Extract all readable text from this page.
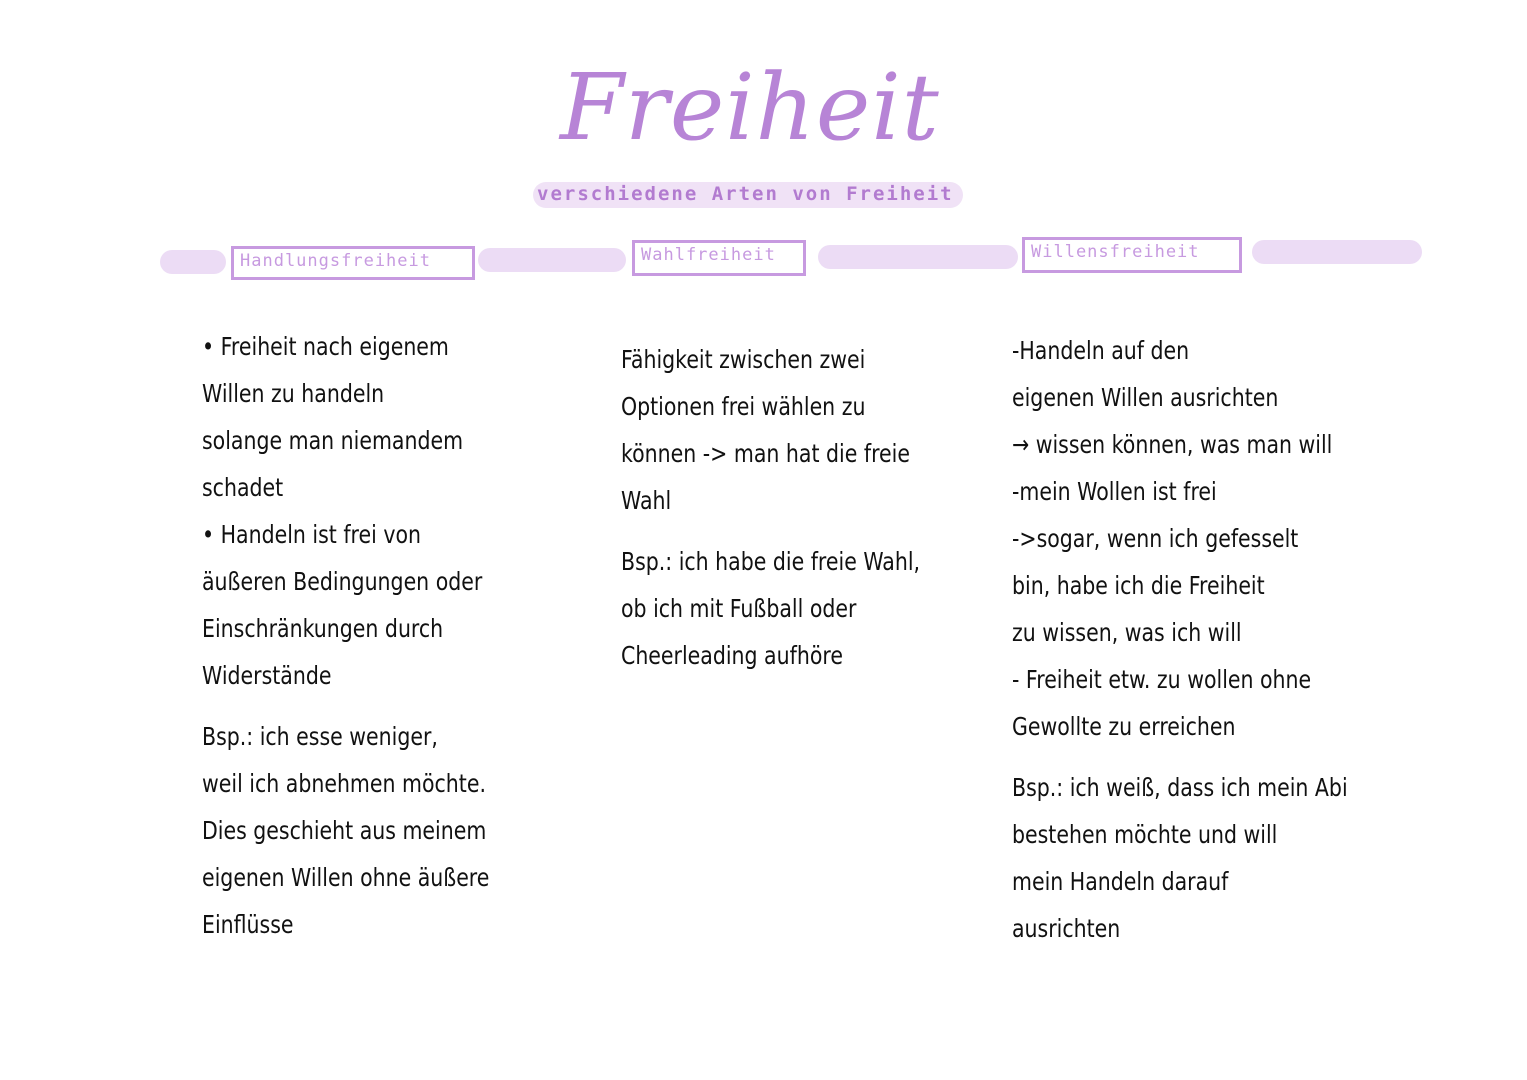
Freiheit
verschiedene Arten von Freiheit
Handlungsfreiheit	Wahlfreiheit	Willensfreiheit

• Freiheit nach eigenem

Willen zu handeln

solange man niemandem

schadet

• Handeln ist frei von

äußeren Bedingungen oder

Einschränkungen durch

Widerstände

Bsp.: ich esse weniger,

weil ich abnehmen möchte.

Dies geschieht aus meinem

eigenen Willen ohne äußere

Einflüsse

Fähigkeit zwischen zwei

Optionen frei wählen zu

können -> man hat die freie

Wahl

Bsp.: ich habe die freie Wahl,

ob ich mit Fußball oder

Cheerleading aufhöre

-Handeln auf den

eigenen Willen ausrichten

→ wissen können, was man will

-mein Wollen ist frei

->sogar, wenn ich gefesselt

bin, habe ich die Freiheit

zu wissen, was ich will

- Freiheit etw. zu wollen ohne

Gewollte zu erreichen

Bsp.: ich weiß, dass ich mein Abi

bestehen möchte und will

mein Handeln darauf

ausrichten
